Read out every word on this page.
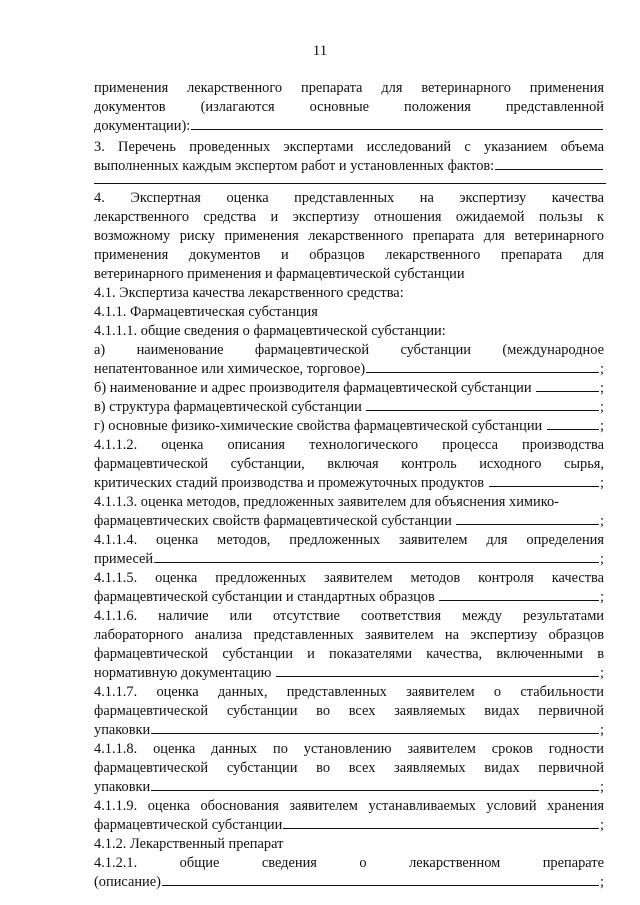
11
применения лекарственного препарата для ветеринарного применения
документов (излагаются основные положения представленной
документации):
3. Перечень проведенных экспертами исследований с указанием объема
выполненных каждым экспертом работ и установленных фактов:
4. Экспертная оценка представленных на экспертизу качества
лекарственного средства и экспертизу отношения ожидаемой пользы к
возможному риску применения лекарственного препарата для ветеринарного
применения документов и образцов лекарственного препарата для
ветеринарного применения и фармацевтической субстанции
4.1. Экспертиза качества лекарственного средства:
4.1.1. Фармацевтическая субстанция
4.1.1.1. общие сведения о фармацевтической субстанции:
а) наименование фармацевтической субстанции (международное
непатентованное или химическое, торговое)	;
б) наименование и адрес производителя фармацевтической субстанции	;
в) структура фармацевтической субстанции	;
г) основные физико-химические свойства фармацевтической субстанции	;
4.1.1.2. оценка описания технологического процесса производства
фармацевтической субстанции, включая контроль исходного сырья,
критических стадий производства и промежуточных продуктов	;
4.1.1.3. оценка методов, предложенных заявителем для объяснения химико-
фармацевтических свойств фармацевтической субстанции	;
4.1.1.4. оценка методов, предложенных заявителем для определения
примесей	;
4.1.1.5. оценка предложенных заявителем методов контроля качества
фармацевтической субстанции и стандартных образцов	;
4.1.1.6. наличие или отсутствие соответствия между результатами
лабораторного анализа представленных заявителем на экспертизу образцов
фармацевтической субстанции и показателями качества, включенными в
нормативную документацию	;
4.1.1.7. оценка данных, представленных заявителем о стабильности
фармацевтической субстанции во всех заявляемых видах первичной
упаковки	;
4.1.1.8. оценка данных по установлению заявителем сроков годности
фармацевтической субстанции во всех заявляемых видах первичной
упаковки	;
4.1.1.9. оценка обоснования заявителем устанавливаемых условий хранения
фармацевтической субстанции	;
4.1.2. Лекарственный препарат
4.1.2.1. общие сведения о лекарственном препарате
(описание)	;
